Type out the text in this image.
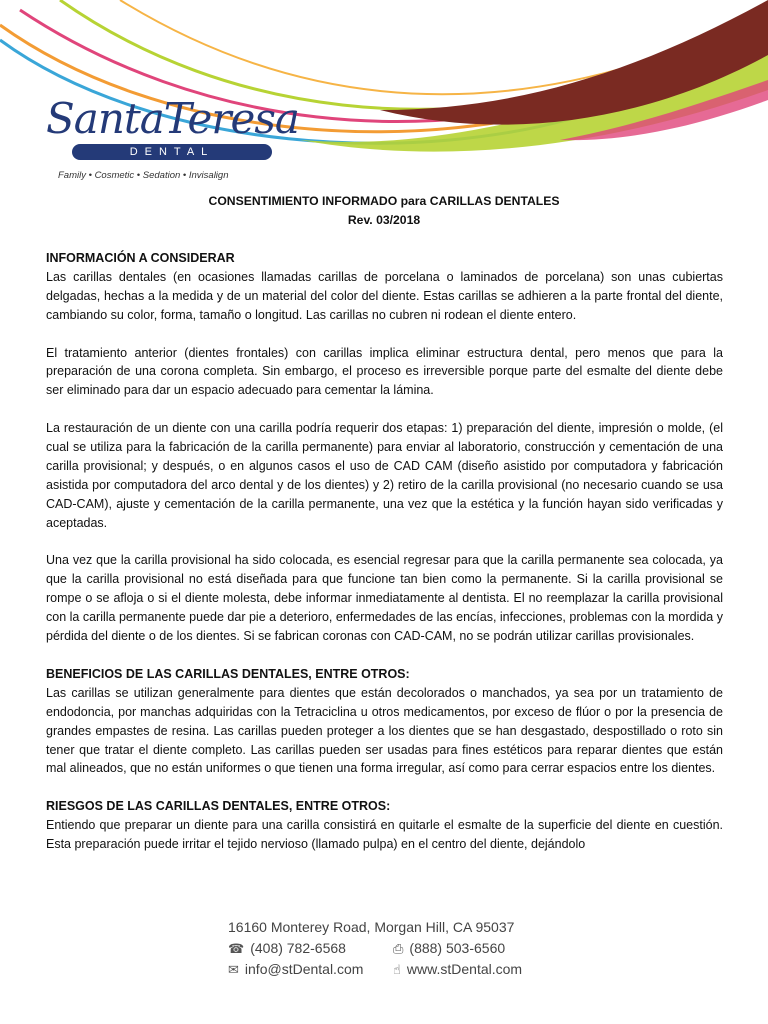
SantaTeresa
DENTAL
Family • Cosmetic • Sedation • Invisalign
CONSENTIMIENTO INFORMADO para CARILLAS DENTALES
Rev. 03/2018

INFORMACIÓN A CONSIDERAR

Las carillas dentales (en ocasiones llamadas carillas de porcelana o laminados de porcelana) son unas cubiertas delgadas, hechas a la medida y de un material del color del diente. Estas carillas se adhieren a la parte frontal del diente, cambiando su color, forma, tamaño o longitud. Las carillas no cubren ni rodean el diente entero.

El tratamiento anterior (dientes frontales) con carillas implica eliminar estructura dental, pero menos que para la preparación de una corona completa. Sin embargo, el proceso es irreversible porque parte del esmalte del diente debe ser eliminado para dar un espacio adecuado para cementar la lámina.

La restauración de un diente con una carilla podría requerir dos etapas: 1) preparación del diente, impresión o molde, (el cual se utiliza para la fabricación de la carilla permanente) para enviar al laboratorio, construcción y cementación de una carilla provisional; y después, o en algunos casos el uso de CAD CAM (diseño asistido por computadora y fabricación asistida por computadora del arco dental y de los dientes) y 2) retiro de la carilla provisional (no necesario cuando se usa CAD-CAM), ajuste y cementación de la carilla permanente, una vez que la estética y la función hayan sido verificadas y aceptadas.

Una vez que la carilla provisional ha sido colocada, es esencial regresar para que la carilla permanente sea colocada, ya que la carilla provisional no está diseñada para que funcione tan bien como la permanente. Si la carilla provisional se rompe o se afloja o si el diente molesta, debe informar inmediatamente al dentista. El no reemplazar la carilla provisional con la carilla permanente puede dar pie a deterioro, enfermedades de las encías, infecciones, problemas con la mordida y pérdida del diente o de los dientes. Si se fabrican coronas con CAD-CAM, no se podrán utilizar carillas provisionales.

BENEFICIOS DE LAS CARILLAS DENTALES, ENTRE OTROS:

Las carillas se utilizan generalmente para dientes que están decolorados o manchados, ya sea por un tratamiento de endodoncia, por manchas adquiridas con la Tetraciclina u otros medicamentos, por exceso de flúor o por la presencia de grandes empastes de resina. Las carillas pueden proteger a los dientes que se han desgastado, despostillado o roto sin tener que tratar el diente completo. Las carillas pueden ser usadas para fines estéticos para reparar dientes que están mal alineados, que no están uniformes o que tienen una forma irregular, así como para cerrar espacios entre los dientes.

RIESGOS DE LAS CARILLAS DENTALES, ENTRE OTROS:

Entiendo que preparar un diente para una carilla consistirá en quitarle el esmalte de la superficie del diente en cuestión. Esta preparación puede irritar el tejido nervioso (llamado pulpa) en el centro del diente, dejándolo

16160 Monterey Road, Morgan Hill, CA 95037
☎ (408) 782-6568	⎙ (888) 503-6560
✉ info@stDental.com ☝ www.stDental.com
